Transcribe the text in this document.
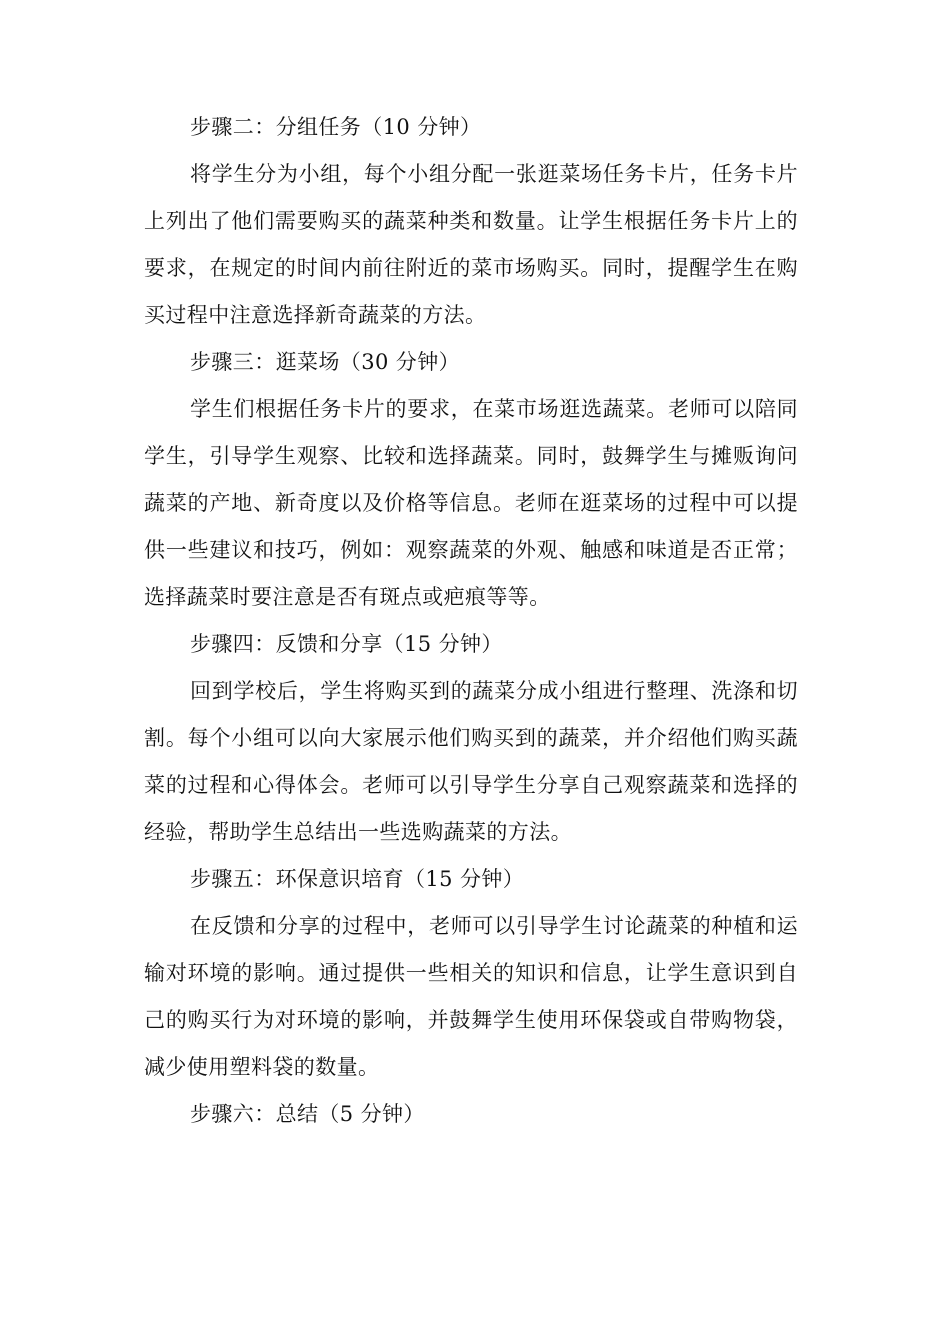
步骤二：分组任务（10 分钟）

将学生分为小组，每个小组分配一张逛菜场任务卡片，任务卡片上列出了他们需要购买的蔬菜种类和数量。让学生根据任务卡片上的要求，在规定的时间内前往附近的菜市场购买。同时，提醒学生在购买过程中注意选择新奇蔬菜的方法。

步骤三：逛菜场（30 分钟）

学生们根据任务卡片的要求，在菜市场逛选蔬菜。老师可以陪同学生，引导学生观察、比较和选择蔬菜。同时，鼓舞学生与摊贩询问蔬菜的产地、新奇度以及价格等信息。老师在逛菜场的过程中可以提供一些建议和技巧，例如：观察蔬菜的外观、触感和味道是否正常；选择蔬菜时要注意是否有斑点或疤痕等等。

步骤四：反馈和分享（15 分钟）

回到学校后，学生将购买到的蔬菜分成小组进行整理、洗涤和切割。每个小组可以向大家展示他们购买到的蔬菜，并介绍他们购买蔬菜的过程和心得体会。老师可以引导学生分享自己观察蔬菜和选择的经验，帮助学生总结出一些选购蔬菜的方法。

步骤五：环保意识培育（15 分钟）

在反馈和分享的过程中，老师可以引导学生讨论蔬菜的种植和运输对环境的影响。通过提供一些相关的知识和信息，让学生意识到自己的购买行为对环境的影响，并鼓舞学生使用环保袋或自带购物袋，减少使用塑料袋的数量。

步骤六：总结（5 分钟）
